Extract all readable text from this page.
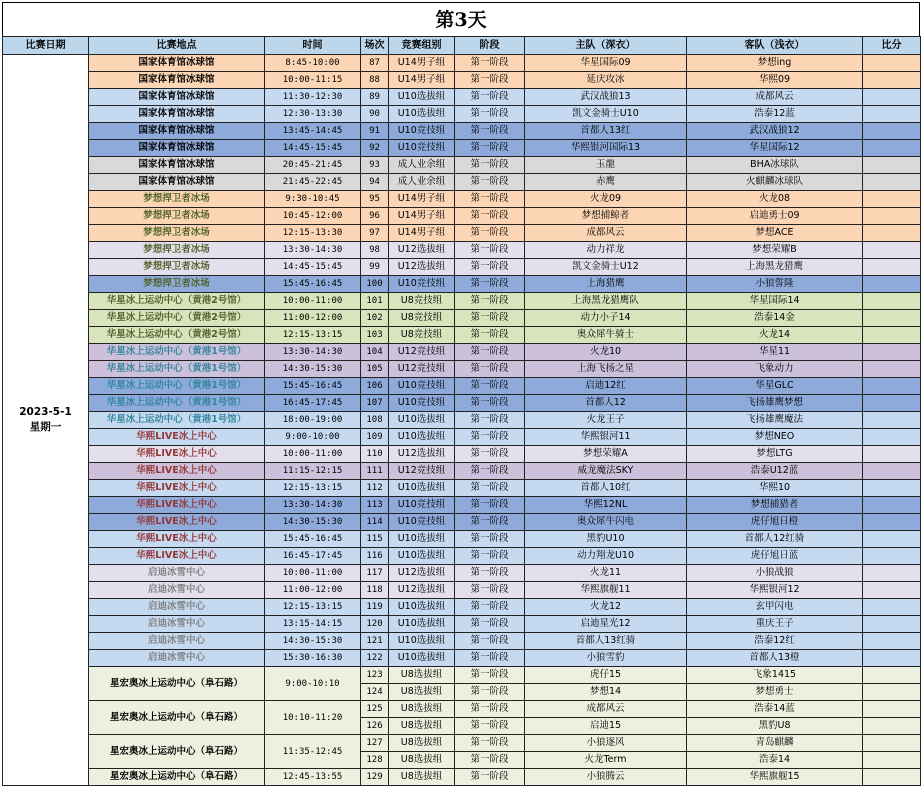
第3天
比赛日期	比赛地点	时间	场次	竞赛组别	阶段	主队（深衣）	客队（浅衣）	比分

2023-5-1
星期一	国家体育馆冰球馆	8:45-10:00	87	U14男子组	第一阶段	华星国际09	梦想ing	
	国家体育馆冰球馆	10:00-11:15	88	U14男子组	第一阶段	延庆攻冰	华熙09	
	国家体育馆冰球馆	11:30-12:30	89	U10选拔组	第一阶段	武汉战狼13	成都风云	
	国家体育馆冰球馆	12:30-13:30	90	U10选拔组	第一阶段	凯文金骑士U10	浩泰12蓝	
	国家体育馆冰球馆	13:45-14:45	91	U10竞技组	第一阶段	首都人13红	武汉战狼12	
	国家体育馆冰球馆	14:45-15:45	92	U10竞技组	第一阶段	华熙银河国际13	华星国际12	
	国家体育馆冰球馆	20:45-21:45	93	成人业余组	第一阶段	玉龍	BHA冰球队	
	国家体育馆冰球馆	21:45-22:45	94	成人业余组	第一阶段	赤鹰	火麒麟冰球队	
	梦想捍卫者冰场	9:30-10:45	95	U14男子组	第一阶段	火龙09	火龙08	
	梦想捍卫者冰场	10:45-12:00	96	U14男子组	第一阶段	梦想捕鲸者	启迪勇士09	
	梦想捍卫者冰场	12:15-13:30	97	U14男子组	第一阶段	成都风云	梦想ACE	
	梦想捍卫者冰场	13:30-14:30	98	U12选拔组	第一阶段	动力祥龙	梦想荣耀B	
	梦想捍卫者冰场	14:45-15:45	99	U12选拔组	第一阶段	凯文金骑士U12	上海黑龙猎鹰	
	梦想捍卫者冰场	15:45-16:45	100	U10竞技组	第一阶段	上海猎鹰	小狼誓隆	
	华星冰上运动中心（黄港2号馆）	10:00-11:00	101	U8竞技组	第一阶段	上海黑龙猎鹰队	华星国际14	
	华星冰上运动中心（黄港2号馆）	11:00-12:00	102	U8竞技组	第一阶段	动力小子14	浩泰14金	
	华星冰上运动中心（黄港2号馆）	12:15-13:15	103	U8竞技组	第一阶段	奥众犀牛骑士	火龙14	
	华星冰上运动中心（黄港1号馆）	13:30-14:30	104	U12竞技组	第一阶段	火龙10	华星11	
	华星冰上运动中心（黄港1号馆）	14:30-15:30	105	U12竞技组	第一阶段	上海飞扬之星	飞象动力	
	华星冰上运动中心（黄港1号馆）	15:45-16:45	106	U10竞技组	第一阶段	启迪12红	华星GLC	
	华星冰上运动中心（黄港1号馆）	16:45-17:45	107	U10竞技组	第一阶段	首都人12	飞扬雄鹰梦想	
	华星冰上运动中心（黄港1号馆）	18:00-19:00	108	U10选拔组	第一阶段	火龙王子	飞扬雄鹰魔法	
	华熙LIVE冰上中心	9:00-10:00	109	U10选拔组	第一阶段	华熙银河11	梦想NEO	
	华熙LIVE冰上中心	10:00-11:00	110	U12选拔组	第一阶段	梦想荣耀A	梦想LTG	
	华熙LIVE冰上中心	11:15-12:15	111	U12竞技组	第一阶段	威龙魔法SKY	浩泰U12蓝	
	华熙LIVE冰上中心	12:15-13:15	112	U10选拔组	第一阶段	首都人10红	华熙10	
	华熙LIVE冰上中心	13:30-14:30	113	U10竞技组	第一阶段	华熙12NL	梦想捕猎者	
	华熙LIVE冰上中心	14:30-15:30	114	U10竞技组	第一阶段	奥众犀牛闪电	虎仔旭日橙	
	华熙LIVE冰上中心	15:45-16:45	115	U10选拔组	第一阶段	黑豹U10	首都人12红骑	
	华熙LIVE冰上中心	16:45-17:45	116	U10选拔组	第一阶段	动力翔龙U10	虎仔旭日蓝	
	启迪冰雪中心	10:00-11:00	117	U12选拔组	第一阶段	火龙11	小狼战狼	
	启迪冰雪中心	11:00-12:00	118	U12选拔组	第一阶段	华熙旗舰11	华熙银河12	
	启迪冰雪中心	12:15-13:15	119	U10选拔组	第一阶段	火龙12	玄甲闪电	
	启迪冰雪中心	13:15-14:15	120	U10选拔组	第一阶段	启迪星光12	重庆王子	
	启迪冰雪中心	14:30-15:30	121	U10选拔组	第一阶段	首都人13红骑	浩泰12红	
	启迪冰雪中心	15:30-16:30	122	U10选拔组	第一阶段	小狼雪豹	首都人13橙	
	星宏奥冰上运动中心（阜石路）	9:00-10:10	123	U8选拔组	第一阶段	虎仔15	飞象1415	
			124	U8选拔组	第一阶段	梦想14	梦想勇士	
	星宏奥冰上运动中心（阜石路）	10:10-11:20	125	U8选拔组	第一阶段	成都风云	浩泰14蓝	
			126	U8选拔组	第一阶段	启迪15	黑豹U8	
	星宏奥冰上运动中心（阜石路）	11:35-12:45	127	U8选拔组	第一阶段	小狼逐风	青岛麒麟	
			128	U8选拔组	第一阶段	火龙Term	浩泰14	
	星宏奥冰上运动中心（阜石路）	12:45-13:55	129	U8选拔组	第一阶段	小狼腾云	华熙旗舰15	
